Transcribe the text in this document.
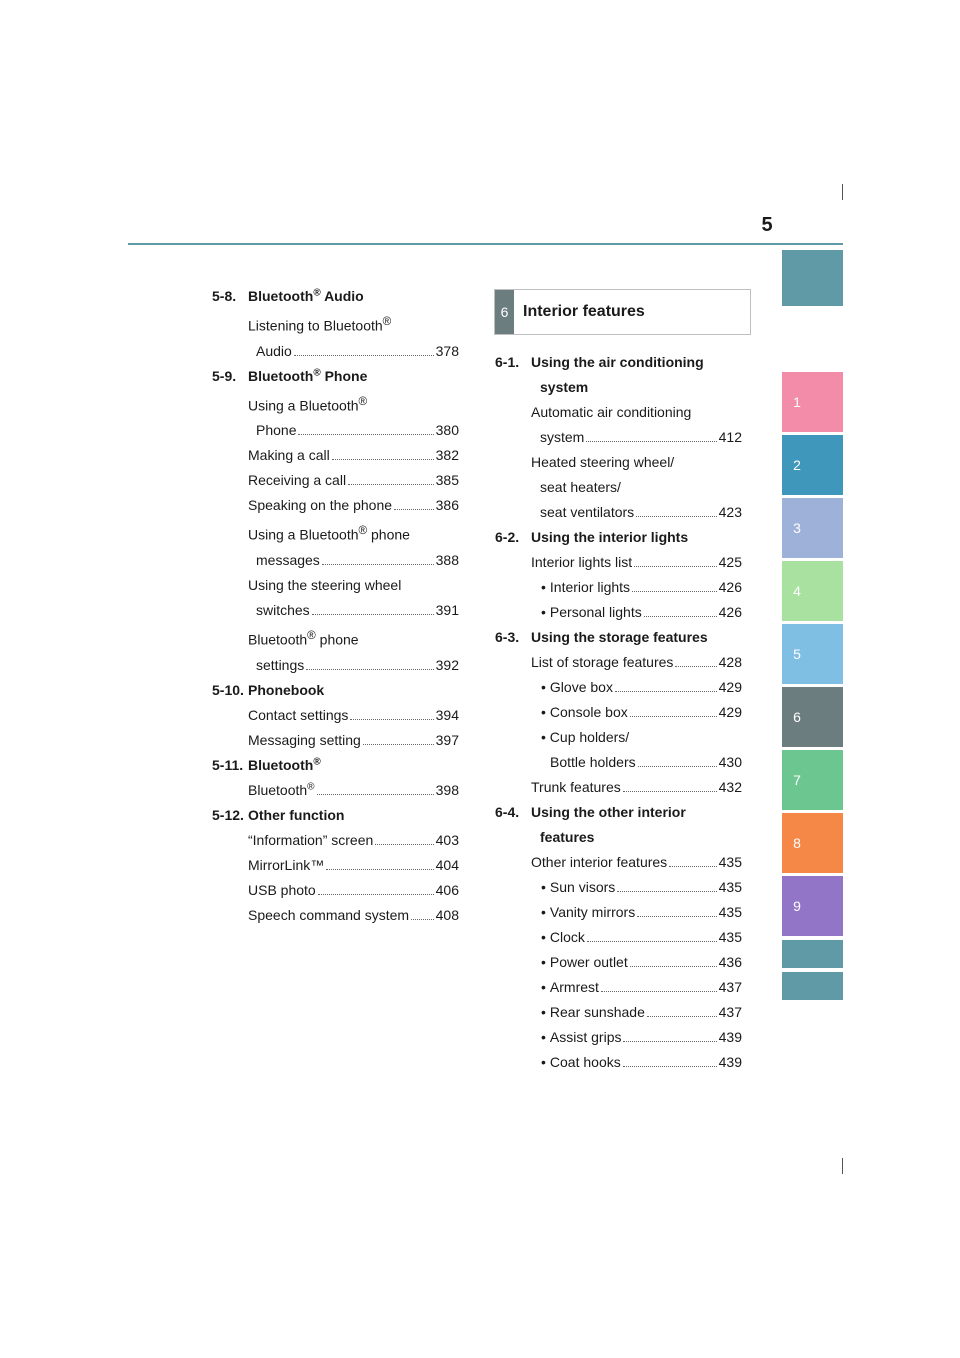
5
1
2
3
4
5
6
7
8
9
5-8. Bluetooth® Audio
Listening to Bluetooth®
Audio	378
5-9. Bluetooth® Phone
Using a Bluetooth®
Phone	380
Making a call	382
Receiving a call	385
Speaking on the phone	386
Using a Bluetooth® phone
messages	388
Using the steering wheel
switches	391
Bluetooth® phone
settings	392
5-10. Phonebook
Contact settings	394
Messaging setting	397
5-11. Bluetooth®
Bluetooth®	398
5-12. Other function
“Information” screen	403
MirrorLink™	404
USB photo	406
Speech command system 408
6 Interior features
6-1. Using the air conditioning
system
Automatic air conditioning
system	412
Heated steering wheel/
seat heaters/
seat ventilators	423
6-2. Using the interior lights
Interior lights list	425
• Interior lights	426
• Personal lights	426
6-3. Using the storage features
List of storage features	428
• Glove box	429
• Console box	429
• Cup holders/
Bottle holders	430
Trunk features	432
6-4. Using the other interior
features
Other interior features	435
• Sun visors	435
• Vanity mirrors	435
• Clock	435
• Power outlet	436
• Armrest	437
• Rear sunshade	437
• Assist grips	439
• Coat hooks	439
